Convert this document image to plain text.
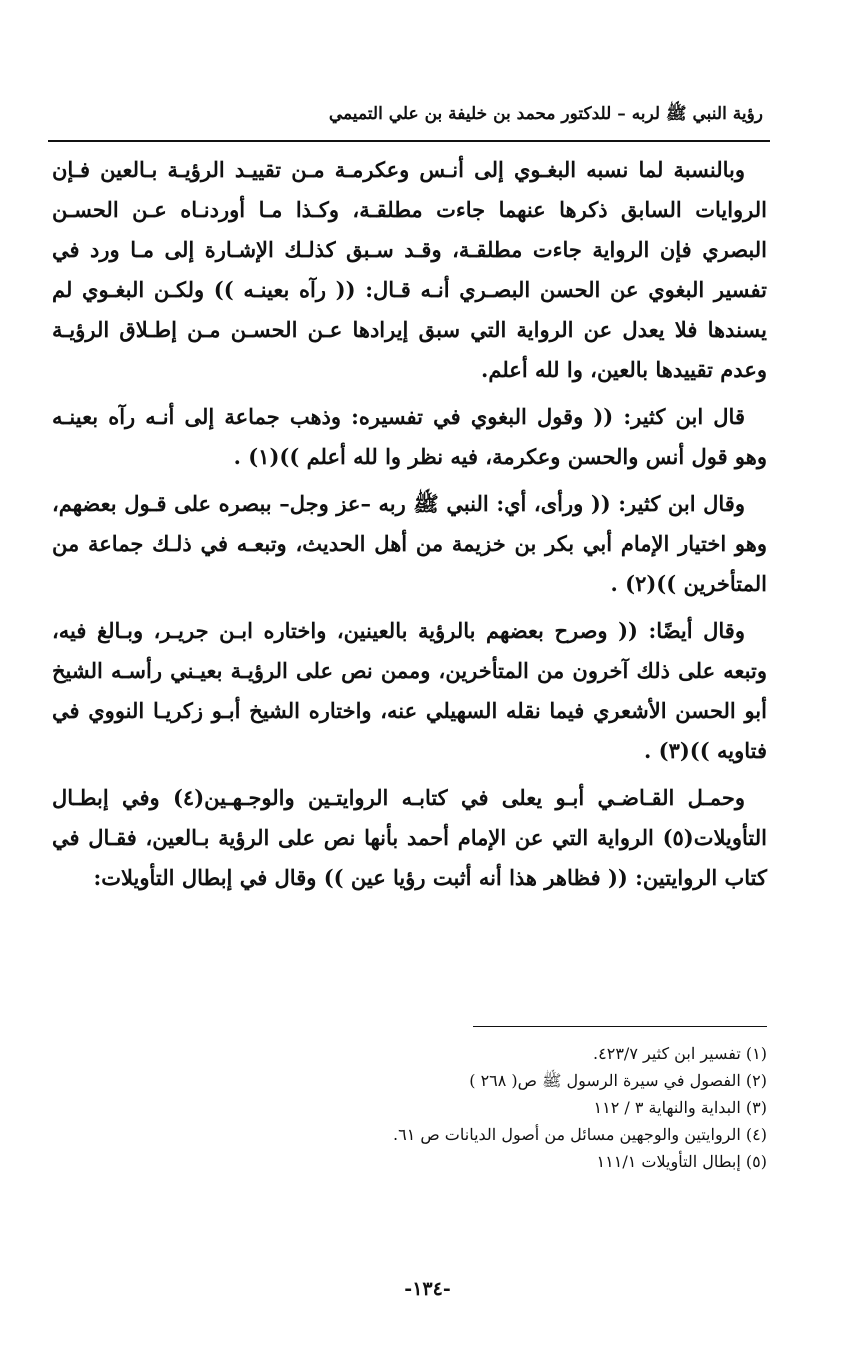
رؤية النبي ﷺ لربه – للدكتور محمد بن خليفة بن علي التميمي

وبالنسبة لما نسبه البغـوي إلى أنـس وعكرمـة مـن تقييـد الرؤيـة بـالعين فـإن الروايات السابق ذكرها عنهما جاءت مطلقـة، وكـذا مـا أوردنـاه عـن الحسـن البصري فإن الرواية جاءت مطلقـة، وقـد سـبق كذلـك الإشـارة إلى مـا ورد في تفسير البغوي عن الحسن البصـري أنـه قـال: (( رآه بعينـه )) ولكـن البغـوي لم يسندها فلا يعدل عن الرواية التي سبق إيرادها عـن الحسـن مـن إطـلاق الرؤيـة وعدم تقييدها بالعين، وا لله أعلم.

قال ابن كثير: (( وقول البغوي في تفسيره: وذهب جماعة إلى أنـه رآه بعينـه وهو قول أنس والحسن وعكرمة، فيه نظر وا لله أعلم ))(١) .

وقال ابن كثير: (( ورأى، أي: النبي ﷺ ربه –عز وجل– ببصره على قـول بعضهم، وهو اختيار الإمام أبي بكر بن خزيمة من أهل الحديث، وتبعـه في ذلـك جماعة من المتأخرين ))(٢) .

وقال أيضًا: (( وصرح بعضهم بالرؤية بالعينين، واختاره ابـن جريـر، وبـالغ فيه، وتبعه على ذلك آخرون من المتأخرين، وممن نص على الرؤيـة بعيـني رأسـه الشيخ أبو الحسن الأشعري فيما نقله السهيلي عنه، واختاره الشيخ أبـو زكريـا النووي في فتاويه ))(٣) .

وحمـل القـاضـي أبـو يعلى في كتابـه الروايتـين والوجـهـين(٤) وفي إبطـال التأويلات(٥) الرواية التي عن الإمام أحمد بأنها نص على الرؤية بـالعين، فقـال في كتاب الروايتين: (( فظاهر هذا أنه أثبت رؤيا عين )) وقال في إبطال التأويلات:

(١) تفسير ابن كثير ٤٢٣/٧.
(٢) الفصول في سيرة الرسول ﷺ ص( ٢٦٨ )
(٣) البداية والنهاية ٣ / ١١٢
(٤) الروايتين والوجهين مسائل من أصول الديانات ص ٦١.
(٥) إبطال التأويلات ١١١/١
-١٣٤-
